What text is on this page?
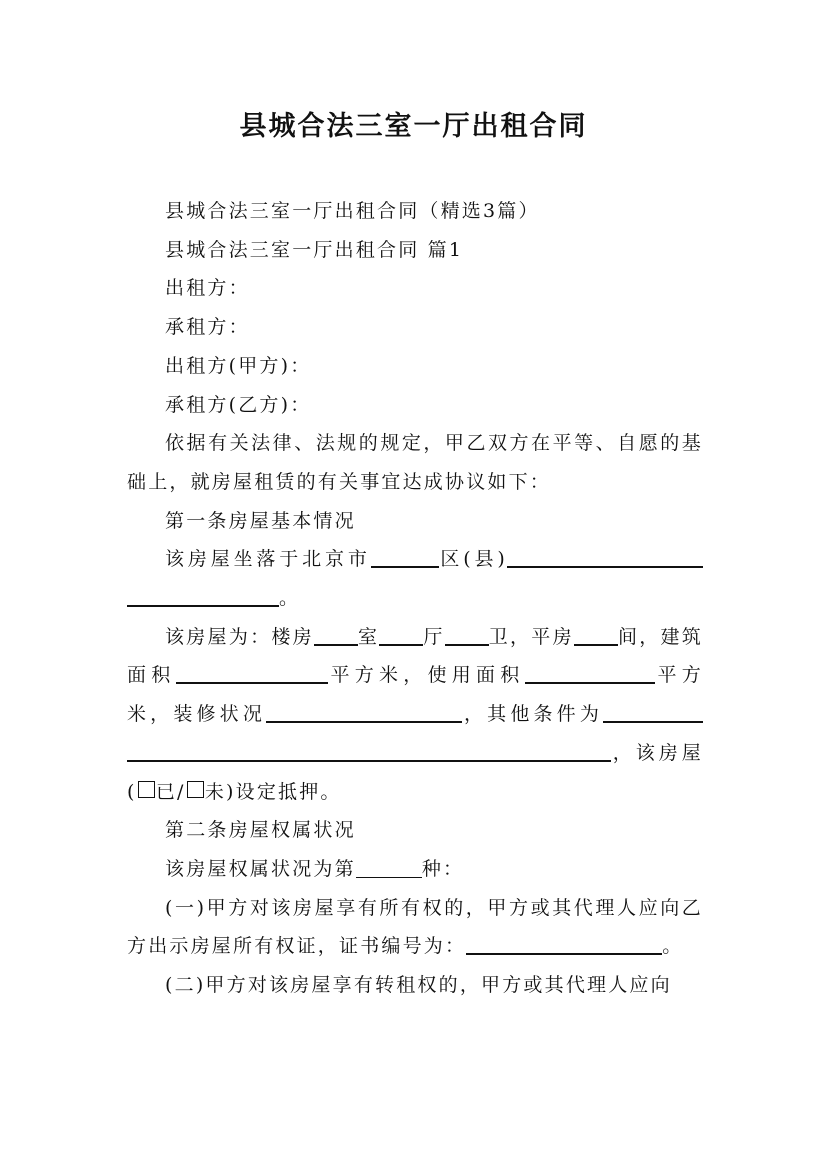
县城合法三室一厅出租合同

县城合法三室一厅出租合同（精选3篇）

县城合法三室一厅出租合同 篇1

出租方：

承租方：

出租方(甲方)：

承租方(乙方)：

依据有关法律、法规的规定，甲乙双方在平等、自愿的基础上，就房屋租赁的有关事宜达成协议如下：

第一条房屋基本情况

该房屋坐落于北京市	区(县)。

该房屋为：楼房 室 厅 卫，平房 间，建筑面积	平方米，使用面积	平方米，装修状况	，其他条件为，该房屋( 已/ 未)设定抵押。

第二条房屋权属状况

该房屋权属状况为第	种：

(一)甲方对该房屋享有所有权的，甲方或其代理人应向乙方出示房屋所有权证，证书编号为：	。

(二)甲方对该房屋享有转租权的，甲方或其代理人应向
